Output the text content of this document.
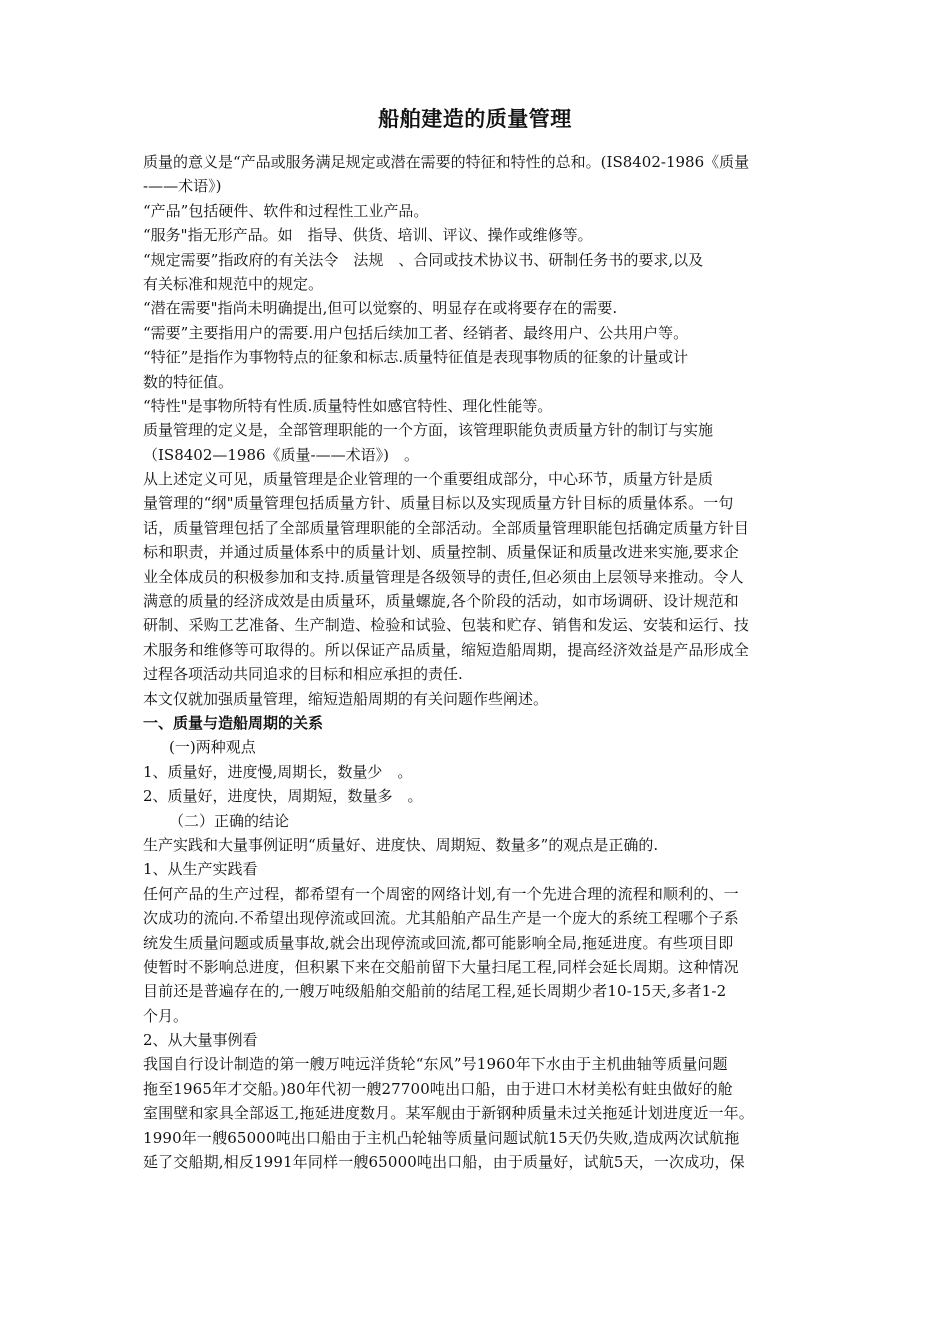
船舶建造的质量管理
质量的意义是“产品或服务满足规定或潜在需要的特征和特性的总和。(IS8402-1986《质量
-——术语》)
“产品”包括硬件、软件和过程性工业产品。
“服务"指无形产品。如　指导、供货、培训、评议、操作或维修等。
“规定需要”指政府的有关法令　法规　、合同或技术协议书、研制任务书的要求,以及
有关标准和规范中的规定。
“潜在需要"指尚未明确提出,但可以觉察的、明显存在或将要存在的需要.
“需要”主要指用户的需要.用户包括后续加工者、经销者、最终用户、公共用户等。
“特征”是指作为事物特点的征象和标志.质量特征值是表现事物质的征象的计量或计
数的特征值。
“特性"是事物所特有性质.质量特性如感官特性、理化性能等。
质量管理的定义是，全部管理职能的一个方面，该管理职能负责质量方针的制订与实施
（IS8402—1986《质量-——术语》)　。
从上述定义可见，质量管理是企业管理的一个重要组成部分，中心环节，质量方针是质
量管理的“纲"质量管理包括质量方针、质量目标以及实现质量方针目标的质量体系。一句
话，质量管理包括了全部质量管理职能的全部活动。全部质量管理职能包括确定质量方针目
标和职责，并通过质量体系中的质量计划、质量控制、质量保证和质量改进来实施,要求企
业全体成员的积极参加和支持.质量管理是各级领导的责任,但必须由上层领导来推动。令人
满意的质量的经济成效是由质量环，质量螺旋,各个阶段的活动，如市场调研、设计规范和
研制、采购工艺准备、生产制造、检验和试验、包装和贮存、销售和发运、安装和运行、技
术服务和维修等可取得的。所以保证产品质量，缩短造船周期，提高经济效益是产品形成全
过程各项活动共同追求的目标和相应承担的责任.
本文仅就加强质量管理，缩短造船周期的有关问题作些阐述。
一、质量与造船周期的关系
(一)两种观点
1、质量好，进度慢,周期长，数量少　。
2、质量好，进度快，周期短，数量多　。
（二）正确的结论
生产实践和大量事例证明“质量好、进度快、周期短、数量多”的观点是正确的.
1、从生产实践看
任何产品的生产过程，都希望有一个周密的网络计划,有一个先进合理的流程和顺利的、一
次成功的流向.不希望出现停流或回流。尤其船舶产品生产是一个庞大的系统工程哪个子系
统发生质量问题或质量事故,就会出现停流或回流,都可能影响全局,拖延进度。有些项目即
使暂时不影响总进度，但积累下来在交船前留下大量扫尾工程,同样会延长周期。这种情况
目前还是普遍存在的,一艘万吨级船舶交船前的结尾工程,延长周期少者10-15天,多者1-2
个月。
2、从大量事例看
我国自行设计制造的第一艘万吨远洋货轮“东风”号1960年下水由于主机曲轴等质量问题
拖至1965年才交船。)80年代初一艘27700吨出口船，由于进口木材美松有蛀虫做好的舱
室围壁和家具全部返工,拖延进度数月。某军舰由于新钢种质量未过关拖延计划进度近一年。
1990年一艘65000吨出口船由于主机凸轮轴等质量问题试航15天仍失败,造成两次试航拖
延了交船期,相反1991年同样一艘65000吨出口船，由于质量好，试航5天，一次成功，保
